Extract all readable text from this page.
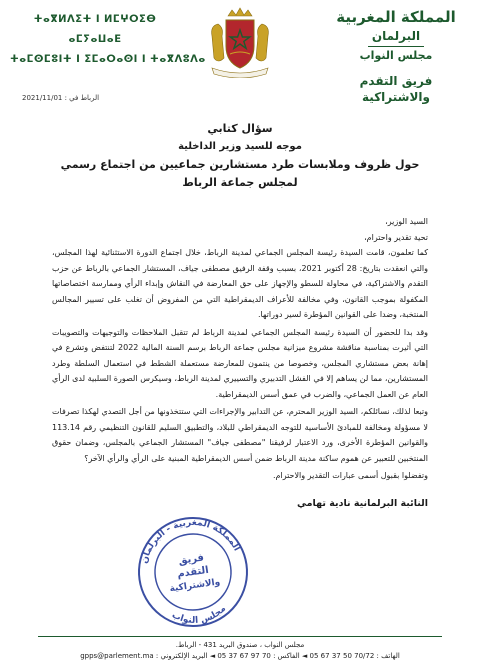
المملكة المغربية
البرلمان
مجلس النواب
فريق التقدم والاشتراكية
ⵜⴰⴳⵍⴷⵉⵜ ⵏ ⵍⵎⵖⵔⵉⴱ
ⴰⵎⵢⴰⵡⴰⴹ
ⵜⴰⵎⵙⵎⵓⵏⵜ ⵏ ⵉⵎⴰⵔⴰⵙⵏ ⵏ ⵜⴰⴳⴷⵓⴷⴰ
الرباط في : 2021/11/01
سؤال كتابي
موجه للسيد وزير الداخلية
حول ظروف وملابسات طرد مستشارين جماعيين من اجتماع رسمي
لمجلس جماعة الرباط

السيد الوزير،

تحية تقدير واحترام،

كما تعلمون، قامت السيدة رئيسة المجلس الجماعي لمدينة الرباط، خلال اجتماع الدورة الاستثنائية لهذا المجلس، والتي انعقدت بتاريخ: 28 أكتوبر 2021، بسبب وقفة الرفيق مصطفى جياف، المستشار الجماعي بالرباط عن حزب التقدم والاشتراكية، في محاولة للسطو والإجهاز على حق المعارضة في النقاش وإبداء الرأي وممارسة اختصاصاتها المكفولة بموجب القانون، وفي مخالفة للأعراف الديمقراطية التي من المفروض أن تغلب على تسيير المجالس المنتخبة، وضدا على القوانين المؤطرة لسير دوراتها.

وقد بدا للحضور أن السيدة رئيسة المجلس الجماعي لمدينة الرباط لم تتقبل الملاحظات والتوجيهات والتصويبات التي أثيرت بمناسبة مناقشة مشروع ميزانية مجلس جماعة الرباط برسم السنة المالية 2022 لتنتفض وتشرع في إهانة بعض مستشاري المجلس، وخصوصا من ينتمون للمعارضة مستعملة الشطط في استعمال السلطة وطرد المستشارين، مما لن يساهم إلا في الفشل التدبيري والتسييري لمدينة الرباط، وسيكرس الصورة السلبية لدى الرأي العام عن العمل الجماعي، والضرب في عمق أسس الديمقراطية.

وتبعا لذلك، نسائلكم، السيد الوزير المحترم، عن التدابير والإجراءات التي ستتخذونها من أجل التصدي لهكذا تصرفات لا مسؤولة ومخالفة للمبادئ الأساسية للتوجه الديمقراطي للبلاد، والتطبيق السليم للقانون التنظيمي رقم 113.14 والقوانين المؤطرة الأخرى، ورد الاعتبار لرفيقنا "مصطفى جياف" المستشار الجماعي بالمجلس، وضمان حقوق المنتخبين للتعبير عن هموم ساكنة مدينة الرباط ضمن أسس الديمقراطية المبنية على الرأي والرأي الآخر؟

وتفضلوا بقبول أسمى عبارات التقدير والاحترام.

النائبة البرلمانية نادية تهامي
المملكة المغربية - البرلمان
مجلس النواب
فريق
التقدم
والاشتراكية
مجلس النواب ، صندوق البريد 431 - الرباط.
الهاتف : 70/72 50 37 67 05 ◄ الفاكس : 70 97 67 37 05 ◄ البريد الإلكتروني : gpps@parlement.ma
